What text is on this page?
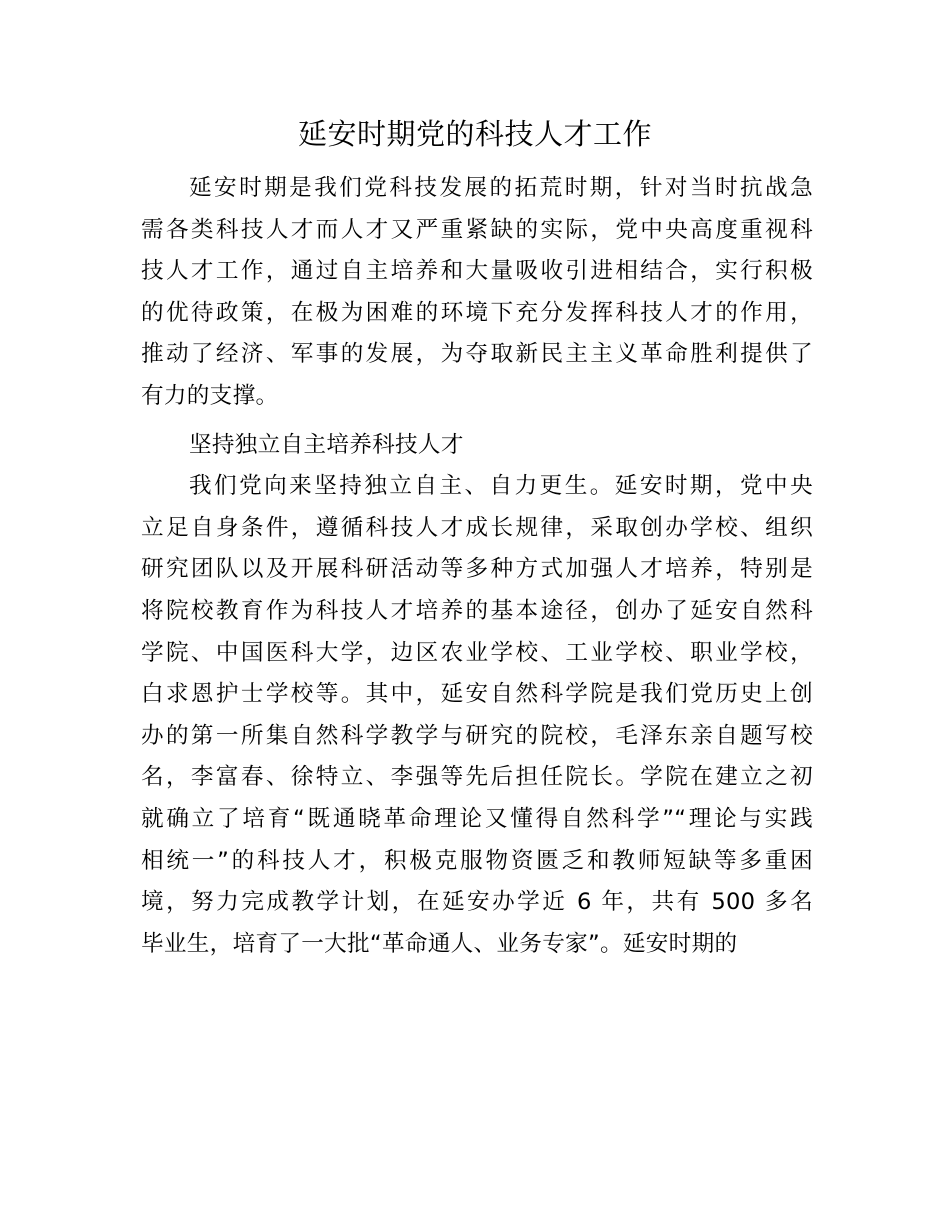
延安时期党的科技人才工作

延安时期是我们党科技发展的拓荒时期，针对当时抗战急
需各类科技人才而人才又严重紧缺的实际，党中央高度重视科
技人才工作，通过自主培养和大量吸收引进相结合，实行积极
的优待政策，在极为困难的环境下充分发挥科技人才的作用，
推动了经济、军事的发展，为夺取新民主主义革命胜利提供了
有力的支撑。

坚持独立自主培养科技人才

我们党向来坚持独立自主、自力更生。延安时期，党中央
立足自身条件，遵循科技人才成长规律，采取创办学校、组织
研究团队以及开展科研活动等多种方式加强人才培养，特别是
将院校教育作为科技人才培养的基本途径，创办了延安自然科
学院、中国医科大学，边区农业学校、工业学校、职业学校，
白求恩护士学校等。其中，延安自然科学院是我们党历史上创
办的第一所集自然科学教学与研究的院校，毛泽东亲自题写校
名，李富春、徐特立、李强等先后担任院长。学院在建立之初
就确立了培育“既通晓革命理论又懂得自然科学”“理论与实践
相统一”的科技人才，积极克服物资匮乏和教师短缺等多重困
境，努力完成教学计划，在延安办学近 6 年，共有 500 多名
毕业生，培育了一大批“革命通人、业务专家”。延安时期的
